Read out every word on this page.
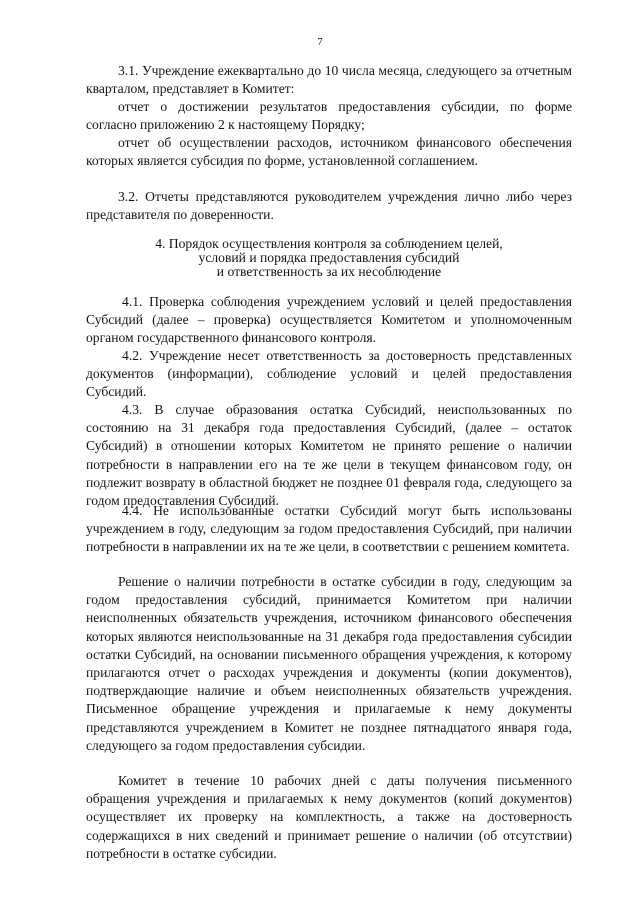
7

3.1. Учреждение ежеквартально до 10 числа месяца, следующего за отчетным кварталом, представляет в Комитет:

отчет о достижении результатов предоставления субсидии, по форме согласно приложению 2 к настоящему Порядку;

отчет об осуществлении расходов, источником финансового обеспечения которых является субсидия по форме, установленной соглашением.

3.2. Отчеты представляются руководителем учреждения лично либо через представителя по доверенности.

4. Порядок осуществления контроля за соблюдением целей,

условий и порядка предоставления субсидий

и ответственность за их несоблюдение

4.1. Проверка соблюдения учреждением условий и целей предоставления Субсидий (далее – проверка) осуществляется Комитетом и уполномоченным органом государственного финансового контроля.

4.2. Учреждение несет ответственность за достоверность представленных документов (информации), соблюдение условий и целей предоставления Субсидий.

4.3. В случае образования остатка Субсидий, неиспользованных по состоянию на 31 декабря года предоставления Субсидий, (далее – остаток Субсидий) в отношении которых Комитетом не принято решение о наличии потребности в направлении его на те же цели в текущем финансовом году, он подлежит возврату в областной бюджет не позднее 01 февраля года, следующего за годом предоставления Субсидий.

4.4. Не использованные остатки Субсидий могут быть использованы учреждением в году, следующим за годом предоставления Субсидий, при наличии потребности в направлении их на те же цели, в соответствии с решением комитета.

Решение о наличии потребности в остатке субсидии в году, следующим за годом предоставления субсидий, принимается Комитетом при наличии неисполненных обязательств учреждения, источником финансового обеспечения которых являются неиспользованные на 31 декабря года предоставления субсидии остатки Субсидий, на основании письменного обращения учреждения, к которому прилагаются отчет о расходах учреждения и документы (копии документов), подтверждающие наличие и объем неисполненных обязательств учреждения. Письменное обращение учреждения и прилагаемые к нему документы представляются учреждением в Комитет не позднее пятнадцатого января года, следующего за годом предоставления субсидии.

Комитет в течение 10 рабочих дней с даты получения письменного обращения учреждения и прилагаемых к нему документов (копий документов) осуществляет их проверку на комплектность, а также на достоверность содержащихся в них сведений и принимает решение о наличии (об отсутствии) потребности в остатке субсидии.
